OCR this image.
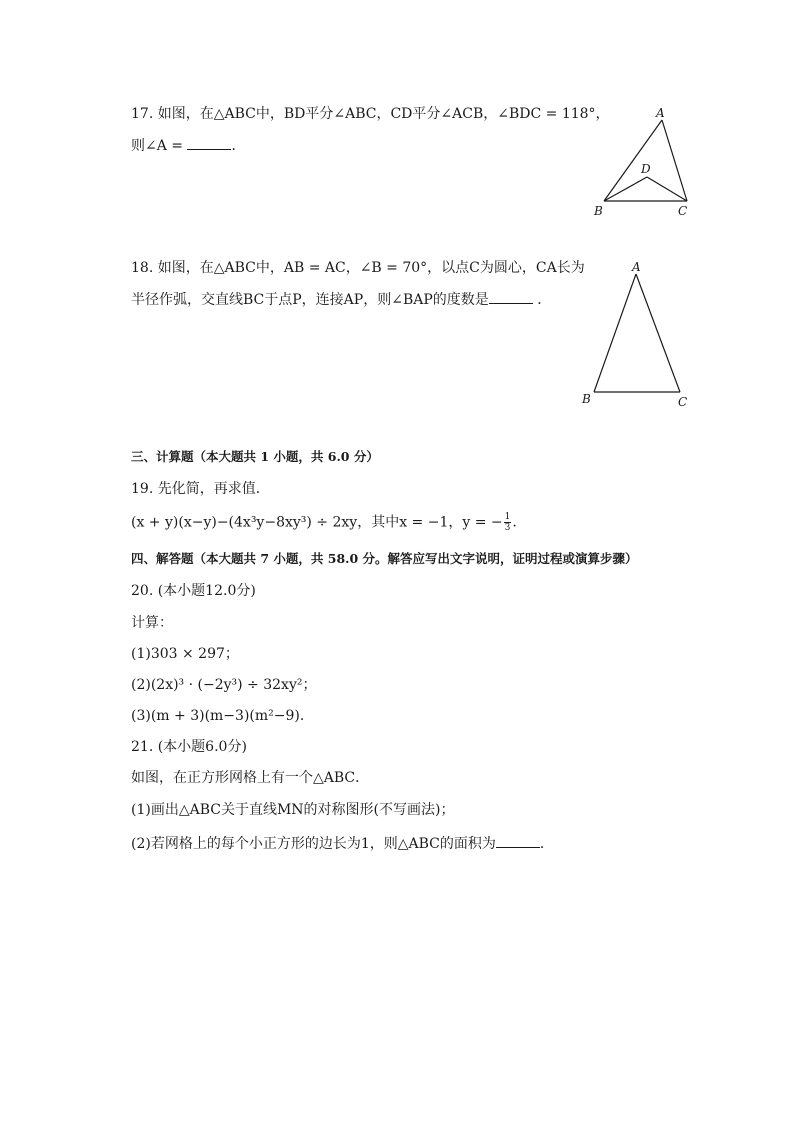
17. 如图，在△ABC中，BD平分∠ABC，CD平分∠ACB，∠BDC = 118°，
则∠A =	．
A
D
B	C
18. 如图，在△ABC中，AB = AC，∠B = 70°，以点C为圆心，CA长为
半径作弧，交直线BC于点P，连接AP，则∠BAP的度数是	．
A
B	C
三、计算题（本大题共 1 小题，共 6.0 分）
19. 先化简，再求值．
(x + y)(x−y)−(4x³y−8xy³) ÷ 2xy，其中x = −1，y = − $\frac{1}{3}$ .
四、解答题（本大题共 7 小题，共 58.0 分。解答应写出文字说明，证明过程或演算步骤）
20. (本小题12.0分)
计算：
(1)303 × 297；
(2)(2x)³ · (−2y³) ÷ 32xy²；
(3)(m + 3)(m−3)(m²−9)．
21. (本小题6.0分)
如图，在正方形网格上有一个△ABC．
(1)画出△ABC关于直线MN的对称图形(不写画法)；
(2)若网格上的每个小正方形的边长为1，则△ABC的面积为	．
